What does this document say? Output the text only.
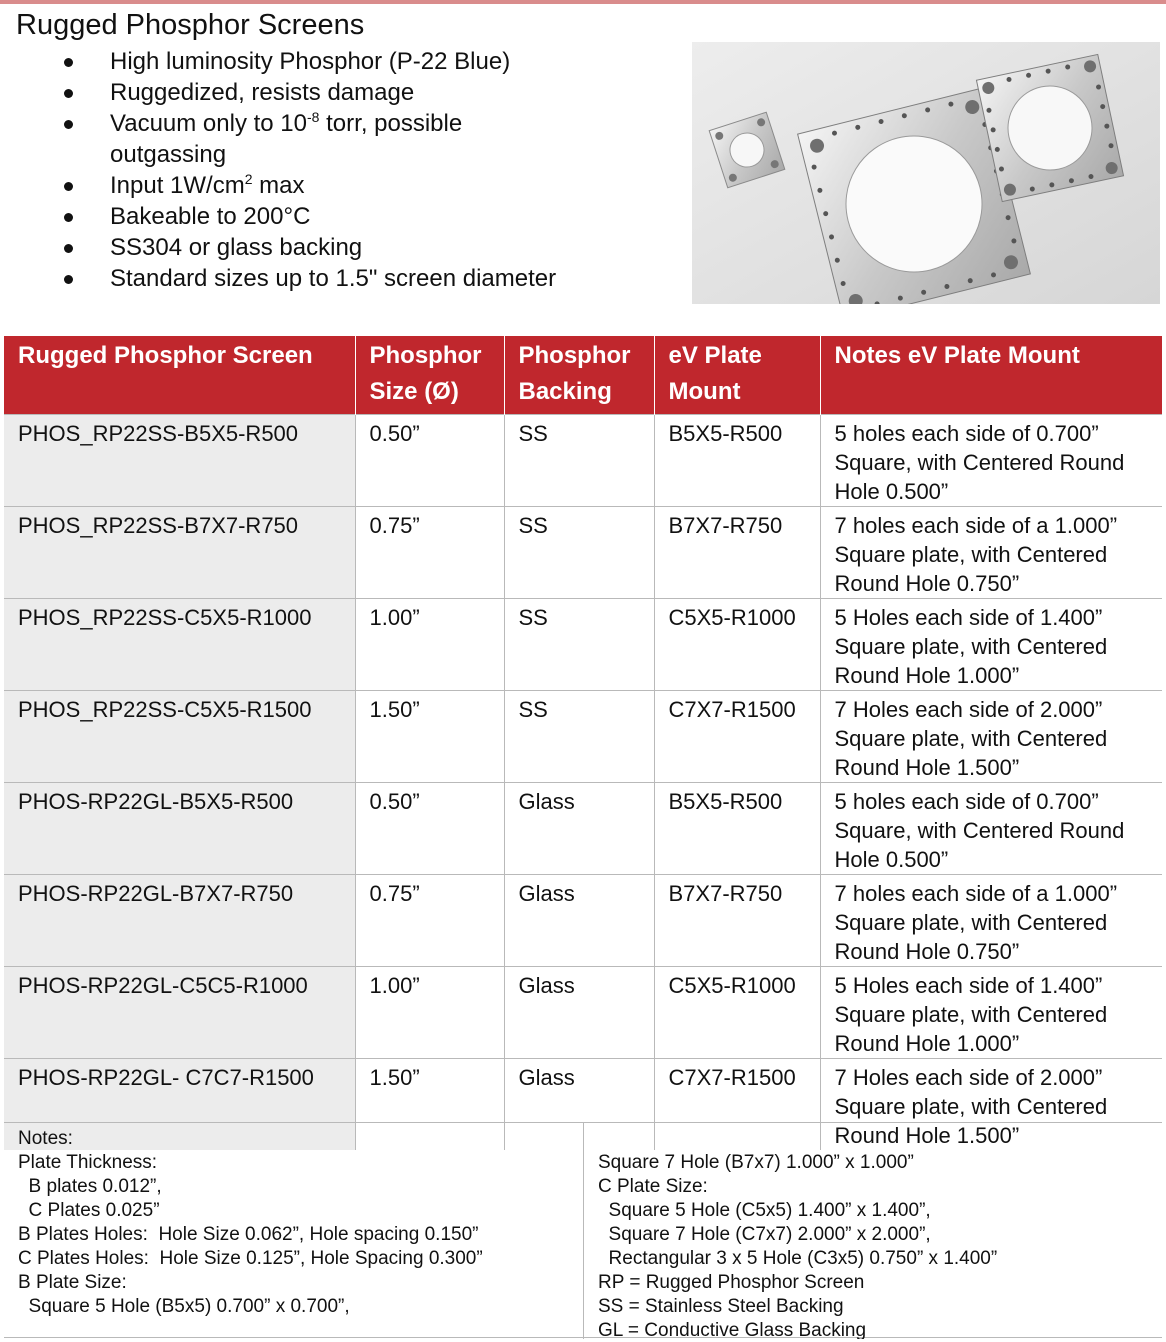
Rugged Phosphor Screens
High luminosity Phosphor (P-22 Blue)
Ruggedized, resists damage
Vacuum only to $10^{-8}$ torr, possible outgassing
Input $1W/cm^2$ max
Bakeable to 200°C
SS304 or glass backing
Standard sizes up to 1.5" screen diameter
Rugged Phosphor Screen	Phosphor Size (Ø)	Phosphor Backing	eV Plate Mount	Notes eV Plate Mount
PHOS_RP22SS-B5X5-R500	0.50”	SS	B5X5-R500	5 holes each side of 0.700” Square, with Centered Round Hole 0.500”
PHOS_RP22SS-B7X7-R750	0.75”	SS	B7X7-R750	7 holes each side of a 1.000” Square plate, with Centered Round Hole 0.750”
PHOS_RP22SS-C5X5-R1000	1.00”	SS	C5X5-R1000	5 Holes each side of 1.400” Square plate, with Centered Round Hole 1.000”
PHOS_RP22SS-C5X5-R1500	1.50”	SS	C7X7-R1500	7 Holes each side of 2.000” Square plate, with Centered Round Hole 1.500”
PHOS-RP22GL-B5X5-R500	0.50”	Glass	B5X5-R500	5 holes each side of 0.700” Square, with Centered Round Hole 0.500”
PHOS-RP22GL-B7X7-R750	0.75”	Glass	B7X7-R750	7 holes each side of a 1.000” Square plate, with Centered Round Hole 0.750”
PHOS-RP22GL-C5C5-R1000	1.00”	Glass	C5X5-R1000	5 Holes each side of 1.400” Square plate, with Centered Round Hole 1.000”
PHOS-RP22GL- C7C7-R1500	1.50”	Glass	C7X7-R1500	7 Holes each side of 2.000” Square plate, with Centered Round Hole 1.500”
Notes:
Plate Thickness:
B plates 0.012”,
C Plates 0.025”
B Plates Holes:  Hole Size 0.062”, Hole spacing 0.150”
C Plates Holes:  Hole Size 0.125”, Hole Spacing 0.300”
B Plate Size:
Square 5 Hole (B5x5) 0.700” x 0.700”,
Square 7 Hole (B7x7) 1.000” x 1.000”
C Plate Size:
Square 5 Hole (C5x5) 1.400” x 1.400”,
Square 7 Hole (C7x7) 2.000” x 2.000”,
Rectangular 3 x 5 Hole (C3x5) 0.750” x 1.400”
RP = Rugged Phosphor Screen
SS = Stainless Steel Backing
GL = Conductive Glass Backing
